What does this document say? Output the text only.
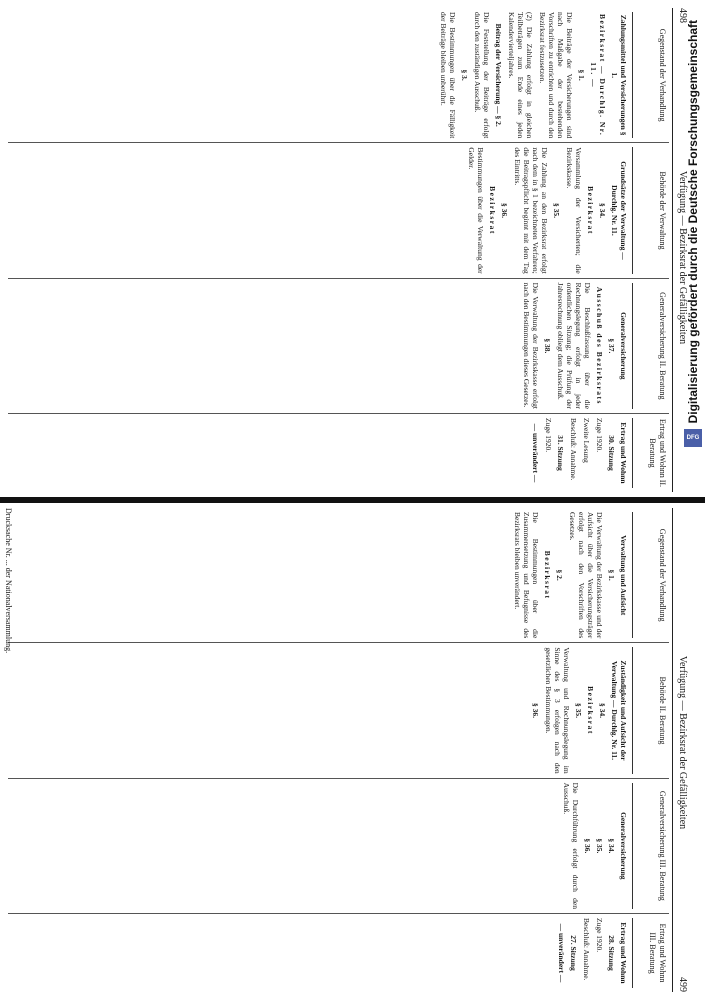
498
Verfügung — Bezirksrat der Gefälligkeiten
Gegenstand der Verhandlung
Zahlungsmittel und Versicherungen § 1.
Bezirksrat — Durchlg. Nr. 11. —
§ 1.

Die Beiträge der Versicherungen sind nach Maßgabe der bestehenden Vorschriften zu entrichten und durch den Bezirksrat festzusetzen.

(2) Die Zahlung erfolgt in gleichen Teilbeträgen zum Ende eines jeden Kalendervierteljahres.

Beitrag der Versicherung — § 2.

Die Feststellung der Beiträge erfolgt durch den zuständigen Ausschuß.

§ 3.

Die Bestimmungen über die Fälligkeit der Beiträge bleiben unberührt.

Behörde der Verwaltung
Grundsätze der Verwaltung — Durchlg. Nr. 11.
§ 34.
Bezirksrat

Versammlung der Versicherten; die Bezirkskasse.

§ 35.

Die Zahlung an den Bezirksrat erfolgt nach dem in § 1 bezeichneten Verfahren; die Beitragspflicht beginnt mit dem Tag des Eintritts.

§ 36.
Bezirksrat

Bestimmungen über die Verwaltung der Gelder.

Generalversicherung II. Beratung
Generalversicherung
§ 37.
Ausschuß des Bezirksrats

Die Beschlußfassung über die Rechnungslegung erfolgt in jeder ordentlichen Sitzung; die Prüfung der Jahresrechnung obliegt dem Ausschuß.

§ 38.

Die Verwaltung der Bezirkskasse erfolgt nach den Bestimmungen dieses Gesetzes.

Ertrag und Wohnn II. Beratung
Ertrag und Wohnn
30. Sitzung
Zuge 1920.
Zweite Lesung
Beschluß: Annahme.
31. Sitzung
Zuge 1920.
— unverändert —
Verfügung — Bezirksrat der Gefälligkeiten
499
Gegenstand der Verhandlung
Verwaltung und Aufsicht
§ 1.

Die Verwaltung der Bezirkskasse und der Aufsicht über die Versicherungsträger erfolgt nach den Vorschriften des Gesetzes.

§ 2.
Bezirksrat

Die Bestimmungen über die Zusammensetzung und Befugnisse des Bezirksrats bleiben unverändert.

Behörde II. Beratung
Zuständigkeit und Aufsicht der Verwaltung — Durchlg. Nr. 11.
§ 34.
Bezirksrat
§ 35.

Verwaltung und Rechnungslegung im Sinne des § 3 erfolgen nach den gesetzlichen Bestimmungen.

§ 36.
Generalversicherung III. Beratung
Generalversicherung
§ 34.
§ 35.
§ 36.

Die Durchführung erfolgt durch den Ausschuß.

Ertrag und Wohnn III. Beratung
Ertrag und Wohnn
28. Sitzung
Zuge 1920.
Beschluß: Annahme.
27. Sitzung
— unverändert —
Drucksache Nr. ... der Nationalversammlung.
Digitalisierung gefördert durch die Deutsche Forschungsgemeinschaft
DFG
